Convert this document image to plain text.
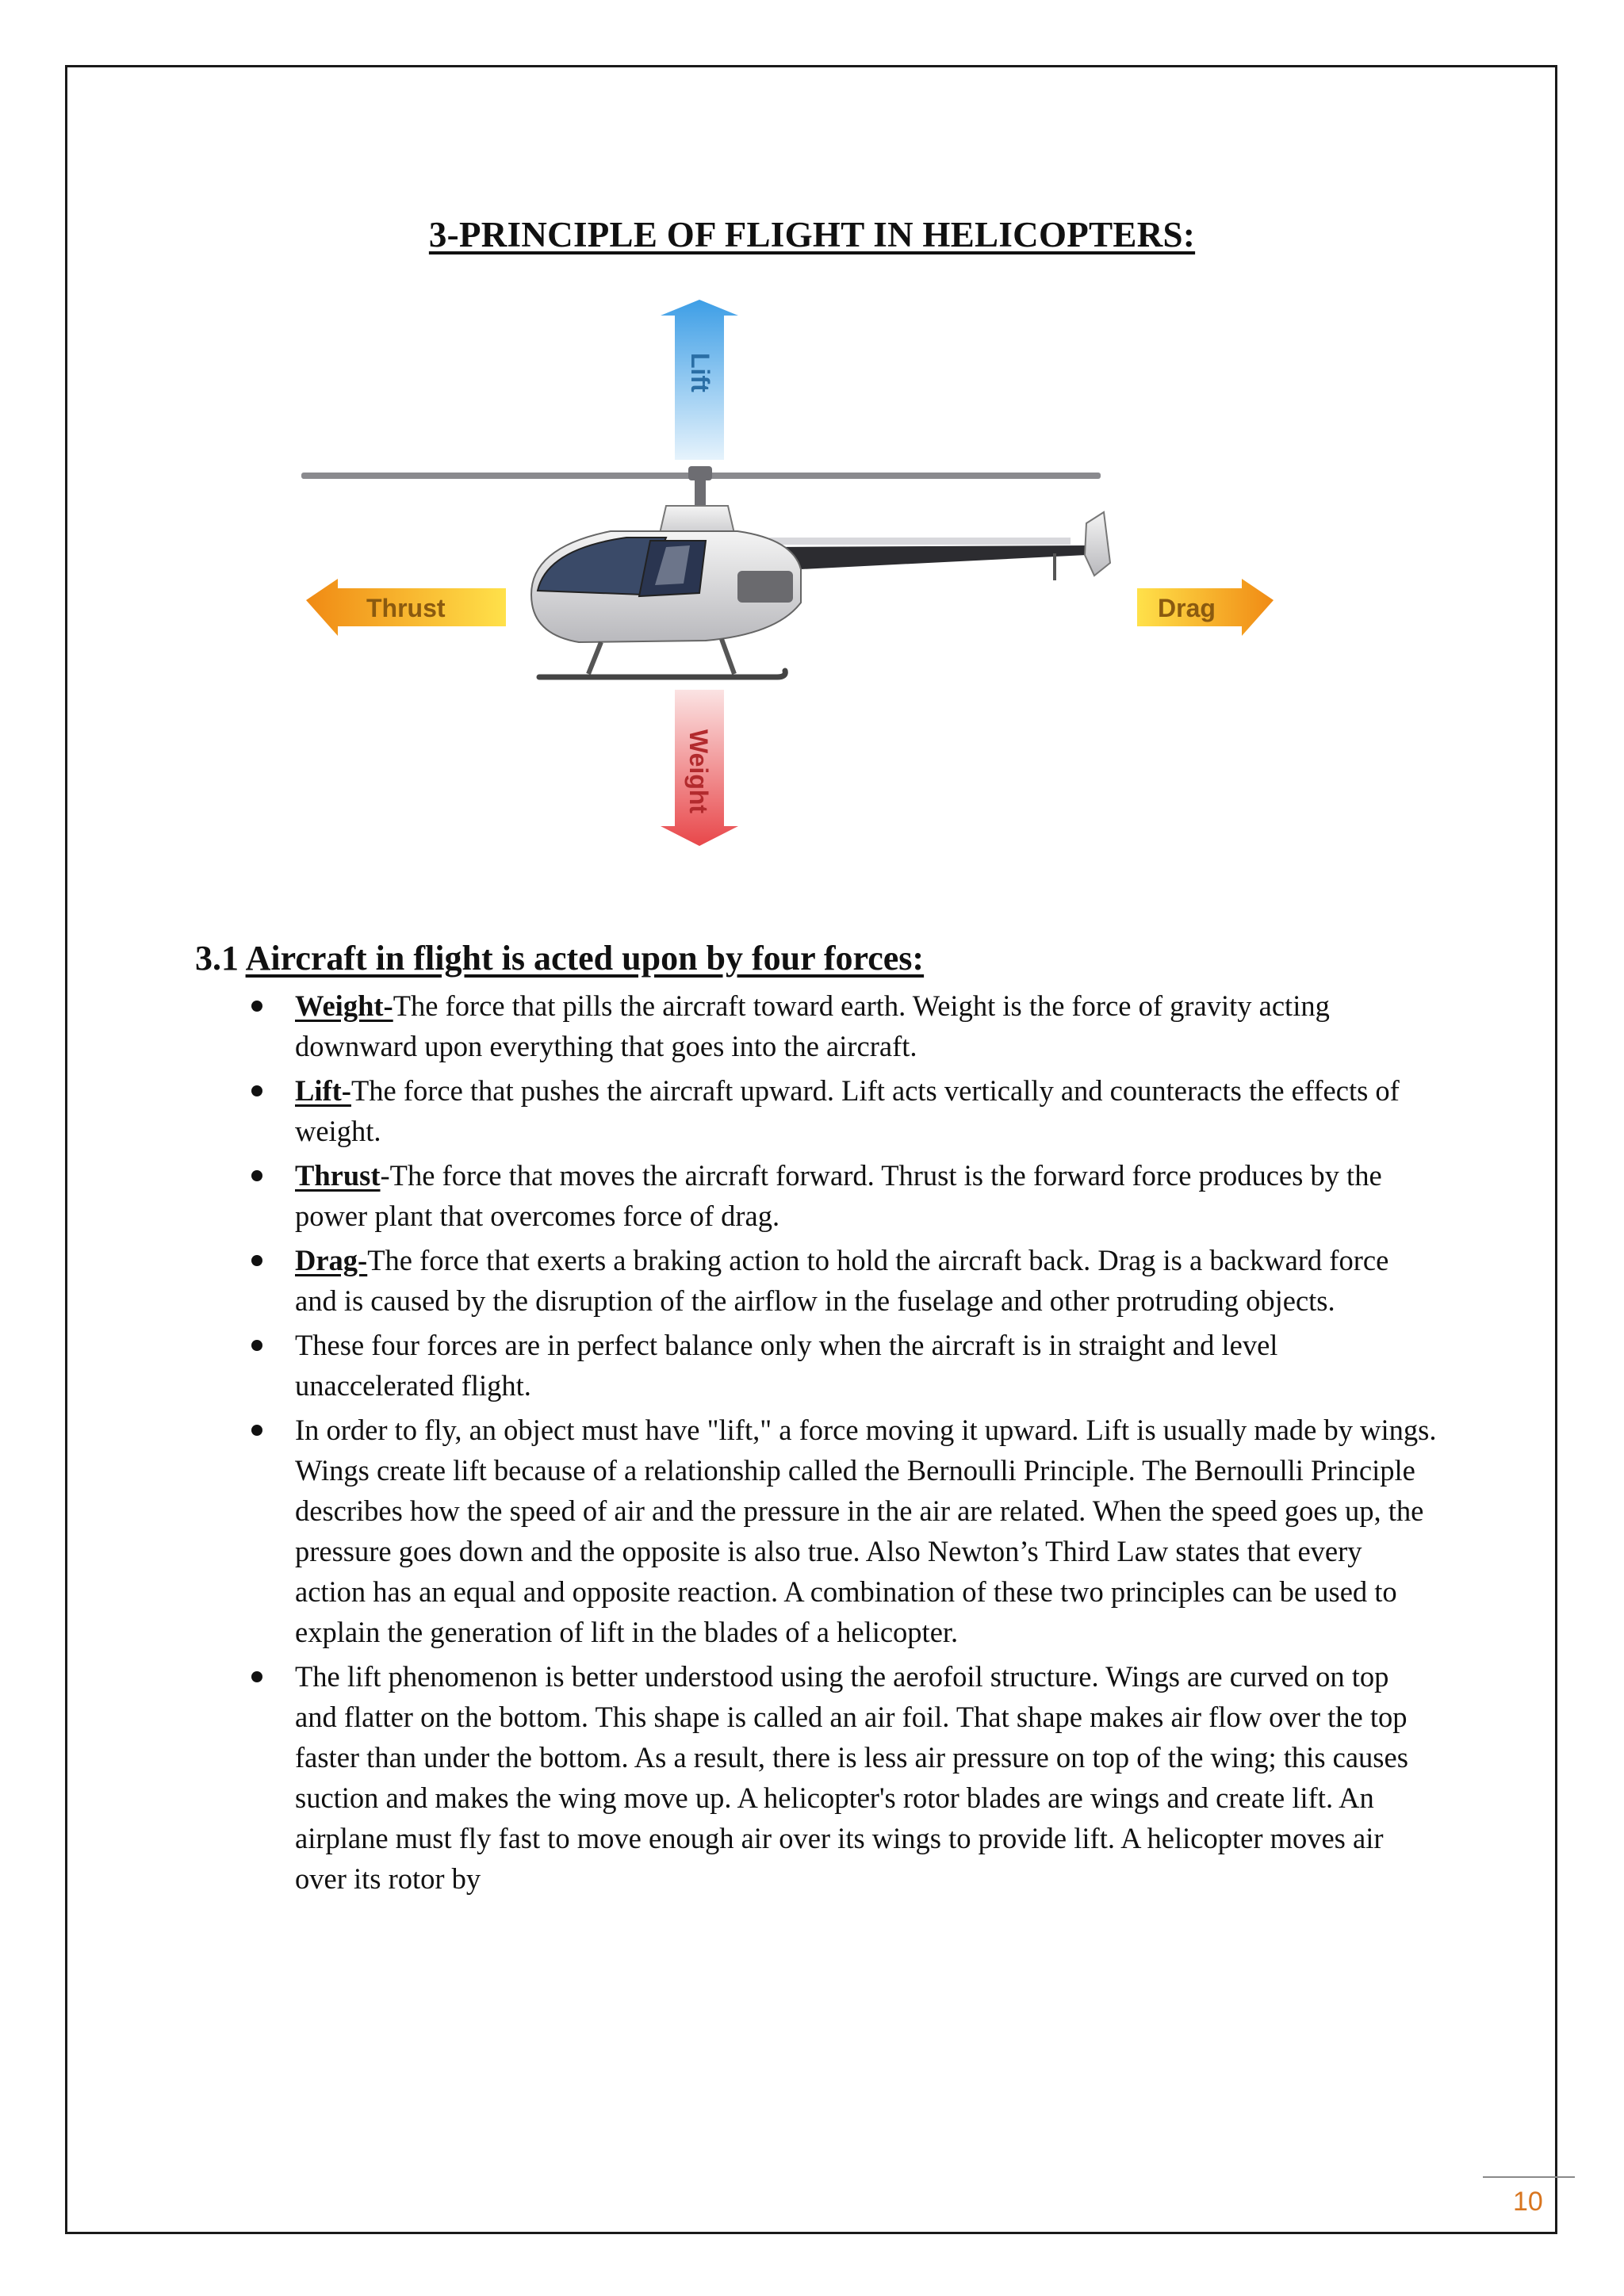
3-PRINCIPLE OF FLIGHT IN HELICOPTERS:
Lift
Weight
Thrust	Drag
3.1 Aircraft in flight is acted upon by four forces:
Weight-The force that pills the aircraft toward earth. Weight is the force of gravity acting downward upon everything that goes into the aircraft.
Lift-The force that pushes the aircraft upward. Lift acts vertically and counteracts the effects of weight.
Thrust-The force that moves the aircraft forward. Thrust is the forward force produces by the power plant that overcomes force of drag.
Drag-The force that exerts a braking action to hold the aircraft back. Drag is a backward force and is caused by the disruption of the airflow in the fuselage and other protruding objects.
These four forces are in perfect balance only when the aircraft is in straight and level unaccelerated flight.
In order to fly, an object must have "lift," a force moving it upward. Lift is usually made by wings. Wings create lift because of a relationship called the Bernoulli Principle. The Bernoulli Principle describes how the speed of air and the pressure in the air are related. When the speed goes up, the pressure goes down and the opposite is also true. Also Newton’s Third Law states that every action has an equal and opposite reaction. A combination of these two principles can be used to explain the generation of lift in the blades of a helicopter.
The lift phenomenon is better understood using the aerofoil structure. Wings are curved on top and flatter on the bottom. This shape is called an air foil. That shape makes air flow over the top faster than under the bottom. As a result, there is less air pressure on top of the wing; this causes suction and makes the wing move up. A helicopter's rotor blades are wings and create lift. An airplane must fly fast to move enough air over its wings to provide lift. A helicopter moves air over its rotor by
10
